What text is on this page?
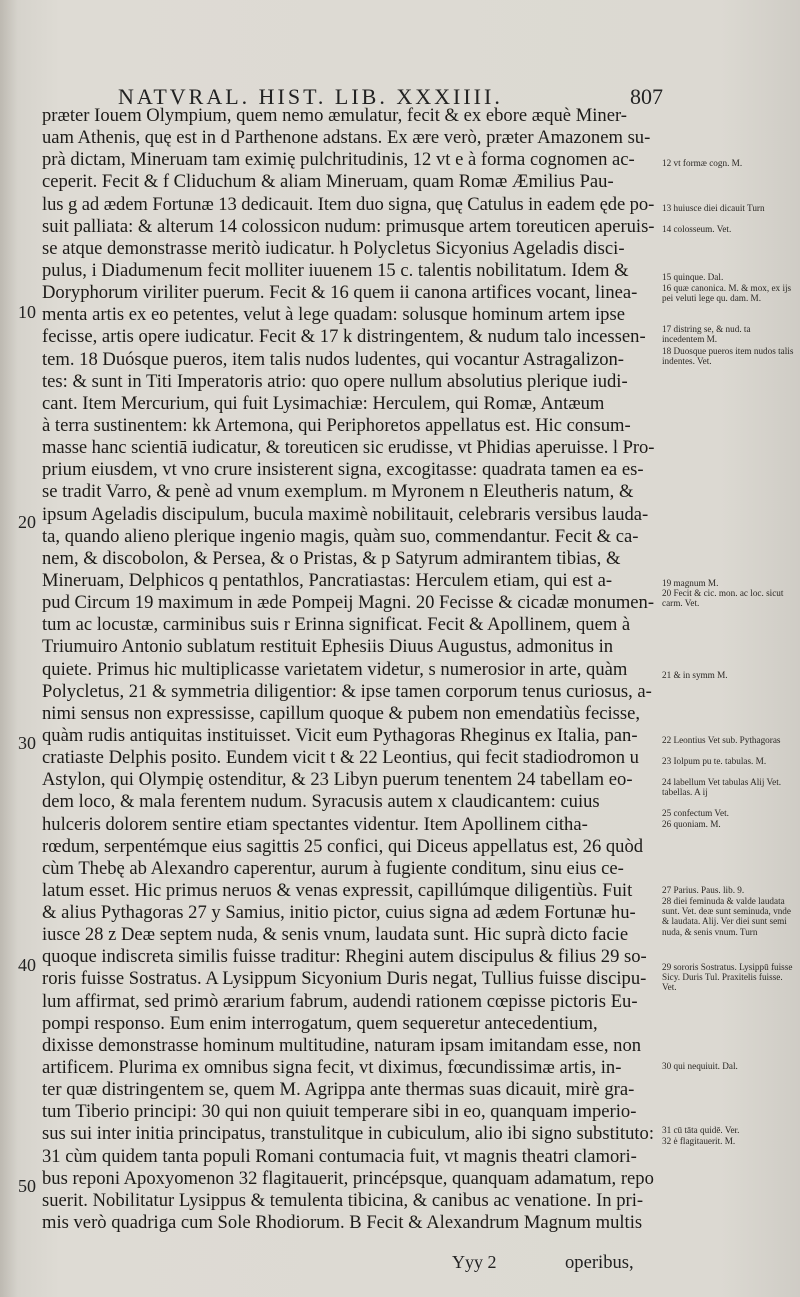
NATVRAL. HIST. LIB. XXXIIII.	807
præter Iouem Olympium, quem nemo æmulatur, fecit & ex ebore æquè Miner-
uam Athenis, quę est in d Parthenone adstans. Ex ære verò, præter Amazonem su-
prà dictam, Mineruam tam eximię pulchritudinis, 12 vt e à forma cognomen ac-
ceperit. Fecit & f Cliduchum & aliam Mineruam, quam Romæ Æmilius Pau-
lus g ad ædem Fortunæ 13 dedicauit. Item duo signa, quę Catulus in eadem ęde po-
suit palliata: & alterum 14 colossicon nudum: primusque artem toreuticen aperuis-
se atque demonstrasse meritò iudicatur. h Polycletus Sicyonius Ageladis disci-
pulus, i Diadumenum fecit molliter iuuenem 15 c. talentis nobilitatum. Idem &
Doryphorum viriliter puerum. Fecit & 16 quem ii canona artifices vocant, linea-
menta artis ex eo petentes, velut à lege quadam: solusque hominum artem ipse
fecisse, artis opere iudicatur. Fecit & 17 k distringentem, & nudum talo incessen-
tem. 18 Duósque pueros, item talis nudos ludentes, qui vocantur Astragalizon-
tes: & sunt in Titi Imperatoris atrio: quo opere nullum absolutius plerique iudi-
cant. Item Mercurium, qui fuit Lysimachiæ: Herculem, qui Romæ, Antæum
à terra sustinentem: kk Artemona, qui Periphoretos appellatus est. Hic consum-
masse hanc scientiā iudicatur, & toreuticen sic erudisse, vt Phidias aperuisse. l Pro-
prium eiusdem, vt vno crure insisterent signa, excogitasse: quadrata tamen ea es-
se tradit Varro, & penè ad vnum exemplum. m Myronem n Eleutheris natum, &
ipsum Ageladis discipulum, bucula maximè nobilitauit, celebraris versibus lauda-
ta, quando alieno plerique ingenio magis, quàm suo, commendantur. Fecit & ca-
nem, & discobolon, & Persea, & o Pristas, & p Satyrum admirantem tibias, &
Mineruam, Delphicos q pentathlos, Pancratiastas: Herculem etiam, qui est a-
pud Circum 19 maximum in æde Pompeij Magni. 20 Fecisse & cicadæ monumen-
tum ac locustæ, carminibus suis r Erinna significat. Fecit & Apollinem, quem à
Triumuiro Antonio sublatum restituit Ephesiis Diuus Augustus, admonitus in
quiete. Primus hic multiplicasse varietatem videtur, s numerosior in arte, quàm
Polycletus, 21 & symmetria diligentior: & ipse tamen corporum tenus curiosus, a-
nimi sensus non expressisse, capillum quoque & pubem non emendatiùs fecisse,
quàm rudis antiquitas instituisset. Vicit eum Pythagoras Rheginus ex Italia, pan-
cratiaste Delphis posito. Eundem vicit t & 22 Leontius, qui fecit stadiodromon u
Astylon, qui Olympię ostenditur, & 23 Libyn puerum tenentem 24 tabellam eo-
dem loco, & mala ferentem nudum. Syracusis autem x claudicantem: cuius
hulceris dolorem sentire etiam spectantes videntur. Item Apollinem citha-
rœdum, serpentémque eius sagittis 25 confici, qui Diceus appellatus est, 26 quòd
cùm Thebę ab Alexandro caperentur, aurum à fugiente conditum, sinu eius ce-
latum esset. Hic primus neruos & venas expressit, capillúmque diligentiùs. Fuit
& alius Pythagoras 27 y Samius, initio pictor, cuius signa ad ædem Fortunæ hu-
iusce 28 z Deæ septem nuda, & senis vnum, laudata sunt. Hic suprà dicto facie
quoque indiscreta similis fuisse traditur: Rhegini autem discipulus & filius 29 so-
roris fuisse Sostratus. A Lysippum Sicyonium Duris negat, Tullius fuisse discipu-
lum affirmat, sed primò ærarium fabrum, audendi rationem cœpisse pictoris Eu-
pompi responso. Eum enim interrogatum, quem sequeretur antecedentium,
dixisse demonstrasse hominum multitudine, naturam ipsam imitandam esse, non
artificem. Plurima ex omnibus signa fecit, vt diximus, fœcundissimæ artis, in-
ter quæ distringentem se, quem M. Agrippa ante thermas suas dicauit, mirè gra-
tum Tiberio principi: 30 qui non quiuit temperare sibi in eo, quanquam imperio-
sus sui inter initia principatus, transtulitque in cubiculum, alio ibi signo substituto:
31 cùm quidem tanta populi Romani contumacia fuit, vt magnis theatri clamori-
bus reponi Apoxyomenon 32 flagitauerit, princépsque, quanquam adamatum, repo
suerit. Nobilitatur Lysippus & temulenta tibicina, & canibus ac venatione. In pri-
mis verò quadriga cum Sole Rhodiorum. B Fecit & Alexandrum Magnum multis
10
20
30
40
50
12 vt formæ cogn. M.
13 huiusce diei dicauit Turn
14 colosseum. Vet.
15 quinque. Dal.
16 quæ canonica. M. & mox, ex ijs pei veluti lege qu. dam. M.
17 distring se, & nud. ta incedentem M.
18 Duosque pueros item nudos talis indentes. Vet.
19 magnum M.
20 Fecit & cic. mon. ac loc. sicut carm. Vet.
21 & in symm M.
22 Leontius Vet sub. Pythagoras
23 Iolpum pu te. tabulas. M.
24 labellum Vet tabulas Alij Vet. tabellas. A ij
25 confectum Vet.
26 quoniam. M.
27 Parius. Paus. lib. 9.
28 diei feminuda & valde laudata sunt. Vet. deæ sunt seminuda, vnde & laudata. Alij. Ver diei sunt semi nuda, & senis vnum. Turn
29 sororis Sostratus. Lysippū fuisse Sicy. Duris Tul. Praxitelis fuisse. Vet.
30 qui nequiuit. Dal.
31 cū tāta quidē. Ver.
32 ė flagitauerit. M.
Yyy 2	operibus,
